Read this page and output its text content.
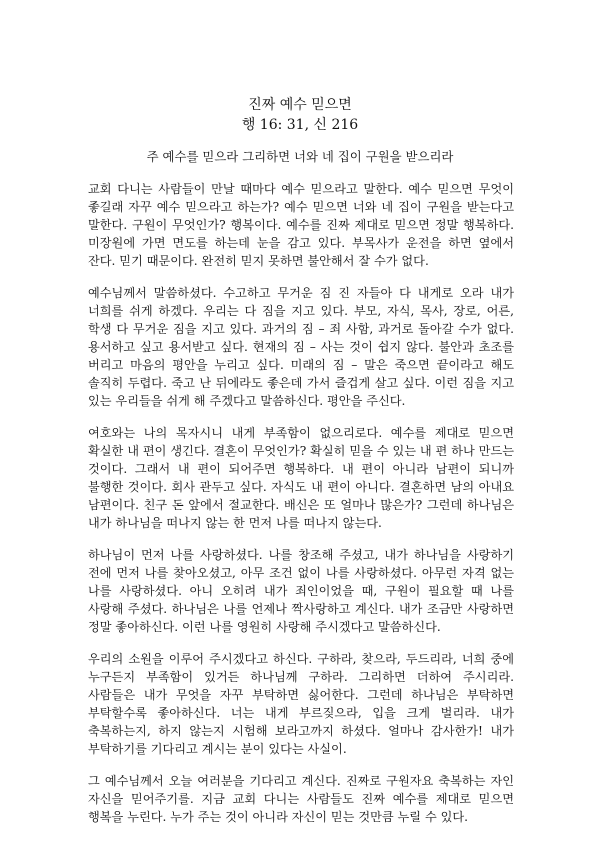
진짜 예수 믿으면
행 16: 31, 신 216
주 예수를 믿으라 그리하면 너와 네 집이 구원을 받으리라

교회 다니는 사람들이 만날 때마다 예수 믿으라고 말한다. 예수 믿으면 무엇이 좋길래 자꾸 예수 믿으라고 하는가? 예수 믿으면 너와 네 집이 구원을 받는다고 말한다. 구원이 무엇인가? 행복이다. 예수를 진짜 제대로 믿으면 정말 행복하다. 미장원에 가면 면도를 하는데 눈을 감고 있다. 부목사가 운전을 하면 옆에서 잔다. 믿기 때문이다. 완전히 믿지 못하면 불안해서 잘 수가 없다.

예수님께서 말씀하셨다. 수고하고 무거운 짐 진 자들아 다 내게로 오라 내가 너희를 쉬게 하겠다. 우리는 다 짐을 지고 있다. 부모, 자식, 목사, 장로, 어른, 학생 다 무거운 짐을 지고 있다. 과거의 짐 – 죄 사함, 과거로 돌아갈 수가 없다. 용서하고 싶고 용서받고 싶다. 현재의 짐 – 사는 것이 쉽지 않다. 불안과 초조를 버리고 마음의 평안을 누리고 싶다. 미래의 짐 – 말은 죽으면 끝이라고 해도 솔직히 두렵다. 죽고 난 뒤에라도 좋은데 가서 즐겁게 살고 싶다. 이런 짐을 지고 있는 우리들을 쉬게 해 주겠다고 말씀하신다. 평안을 주신다.

여호와는 나의 목자시니 내게 부족함이 없으리로다. 예수를 제대로 믿으면 확실한 내 편이 생긴다. 결혼이 무엇인가? 확실히 믿을 수 있는 내 편 하나 만드는 것이다. 그래서 내 편이 되어주면 행복하다. 내 편이 아니라 남편이 되니까 불행한 것이다. 회사 관두고 싶다. 자식도 내 편이 아니다. 결혼하면 남의 아내요 남편이다. 친구 돈 앞에서 절교한다. 배신은 또 얼마나 많은가? 그런데 하나님은 내가 하나님을 떠나지 않는 한 먼저 나를 떠나지 않는다.

하나님이 먼저 나를 사랑하셨다. 나를 창조해 주셨고, 내가 하나님을 사랑하기 전에 먼저 나를 찾아오셨고, 아무 조건 없이 나를 사랑하셨다. 아무런 자격 없는 나를 사랑하셨다. 아니 오히려 내가 죄인이었을 때, 구원이 필요할 때 나를 사랑해 주셨다. 하나님은 나를 언제나 짝사랑하고 계신다. 내가 조금만 사랑하면 정말 좋아하신다. 이런 나를 영원히 사랑해 주시겠다고 말씀하신다.

우리의 소원을 이루어 주시겠다고 하신다. 구하라, 찾으라, 두드리라, 너희 중에 누구든지 부족함이 있거든 하나님께 구하라. 그리하면 더하여 주시리라. 사람들은 내가 무엇을 자꾸 부탁하면 싫어한다. 그런데 하나님은 부탁하면 부탁할수록 좋아하신다. 너는 내게 부르짖으라, 입을 크게 벌리라. 내가 축복하는지, 하지 않는지 시험해 보라고까지 하셨다. 얼마나 감사한가! 내가 부탁하기를 기다리고 계시는 분이 있다는 사실이.

그 예수님께서 오늘 여러분을 기다리고 계신다. 진짜로 구원자요 축복하는 자인 자신을 믿어주기를. 지금 교회 다니는 사람들도 진짜 예수를 제대로 믿으면 행복을 누린다. 누가 주는 것이 아니라 자신이 믿는 것만큼 누릴 수 있다.
